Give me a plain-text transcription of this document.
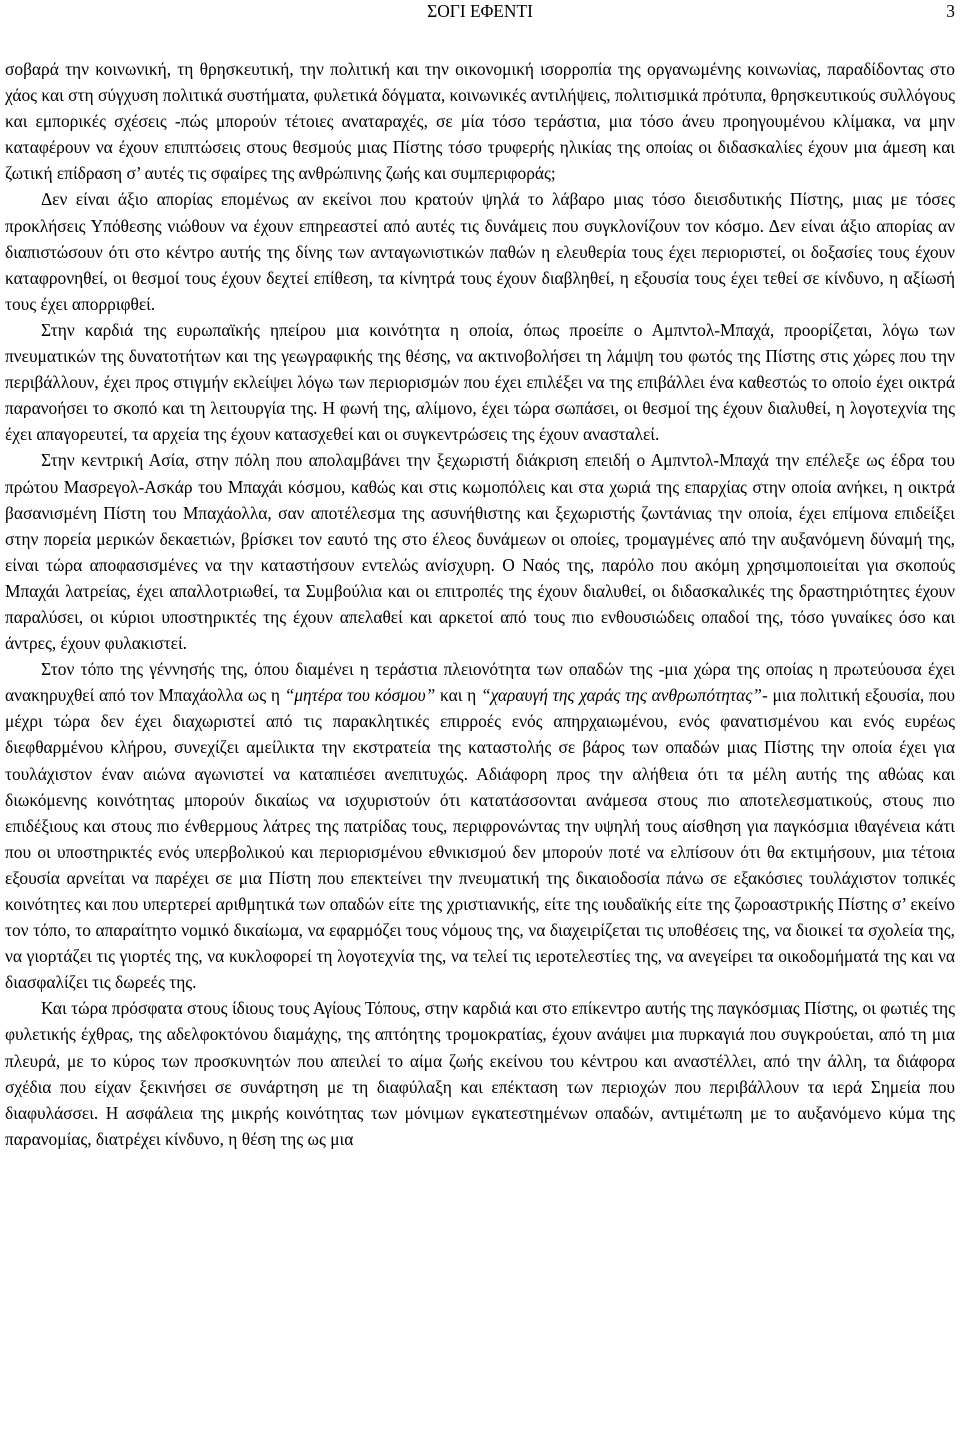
ΣΟΓΙ ΕΦΕΝΤΙ	3

σοβαρά την κοινωνική, τη θρησκευτική, την πολιτική και την οικονομική ισορροπία της οργανωμένης κοινωνίας, παραδίδοντας στο χάος και στη σύγχυση πολιτικά συστήματα, φυλετικά δόγματα, κοινωνικές αντιλήψεις, πολιτισμικά πρότυπα, θρησκευτικούς συλλόγους και εμπορικές σχέσεις -πώς μπορούν τέτοιες αναταραχές, σε μία τόσο τεράστια, μια τόσο άνευ προηγουμένου κλίμακα, να μην καταφέρουν να έχουν επιπτώσεις στους θεσμούς μιας Πίστης τόσο τρυφερής ηλικίας της οποίας οι διδασκαλίες έχουν μια άμεση και ζωτική επίδραση σ’ αυτές τις σφαίρες της ανθρώπινης ζωής και συμπεριφοράς;

Δεν είναι άξιο απορίας επομένως αν εκείνοι που κρατούν ψηλά το λάβαρο μιας τόσο διεισδυτικής Πίστης, μιας με τόσες προκλήσεις Υπόθεσης νιώθουν να έχουν επηρεαστεί από αυτές τις δυνάμεις που συγκλονίζουν τον κόσμο. Δεν είναι άξιο απορίας αν διαπιστώσουν ότι στο κέντρο αυτής της δίνης των ανταγωνιστικών παθών η ελευθερία τους έχει περιοριστεί, οι δοξασίες τους έχουν καταφρονηθεί, οι θεσμοί τους έχουν δεχτεί επίθεση, τα κίνητρά τους έχουν διαβληθεί, η εξουσία τους έχει τεθεί σε κίνδυνο, η αξίωσή τους έχει απορριφθεί.

Στην καρδιά της ευρωπαϊκής ηπείρου μια κοινότητα η οποία, όπως προείπε ο Αμπντολ-Μπαχά, προορίζεται, λόγω των πνευματικών της δυνατοτήτων και της γεωγραφικής της θέσης, να ακτινοβολήσει τη λάμψη του φωτός της Πίστης στις χώρες που την περιβάλλουν, έχει προς στιγμήν εκλείψει λόγω των περιορισμών που έχει επιλέξει να της επιβάλλει ένα καθεστώς το οποίο έχει οικτρά παρανοήσει το σκοπό και τη λειτουργία της. Η φωνή της, αλίμονο, έχει τώρα σωπάσει, οι θεσμοί της έχουν διαλυθεί, η λογοτεχνία της έχει απαγορευτεί, τα αρχεία της έχουν κατασχεθεί και οι συγκεντρώσεις της έχουν ανασταλεί.

Στην κεντρική Ασία, στην πόλη που απολαμβάνει την ξεχωριστή διάκριση επειδή ο Αμπντολ-Μπαχά την επέλεξε ως έδρα του πρώτου Μασρεγολ-Ασκάρ του Μπαχάι κόσμου, καθώς και στις κωμοπόλεις και στα χωριά της επαρχίας στην οποία ανήκει, η οικτρά βασανισμένη Πίστη του Μπαχάολλα, σαν αποτέλεσμα της ασυνήθιστης και ξεχωριστής ζωντάνιας την οποία, έχει επίμονα επιδείξει στην πορεία μερικών δεκαετιών, βρίσκει τον εαυτό της στο έλεος δυνάμεων οι οποίες, τρομαγμένες από την αυξανόμενη δύναμή της, είναι τώρα αποφασισμένες να την καταστήσουν εντελώς ανίσχυρη. Ο Ναός της, παρόλο που ακόμη χρησιμοποιείται για σκοπούς Μπαχάι λατρείας, έχει απαλλοτριωθεί, τα Συμβούλια και οι επιτροπές της έχουν διαλυθεί, οι διδασκαλικές της δραστηριότητες έχουν παραλύσει, οι κύριοι υποστηρικτές της έχουν απελαθεί και αρκετοί από τους πιο ενθουσιώδεις οπαδοί της, τόσο γυναίκες όσο και άντρες, έχουν φυλακιστεί.

Στον τόπο της γέννησής της, όπου διαμένει η τεράστια πλειονότητα των οπαδών της -μια χώρα της οποίας η πρωτεύουσα έχει ανακηρυχθεί από τον Μπαχάολλα ως η “μητέρα του κόσμου” και η “χαραυγή της χαράς της ανθρωπότητας”- μια πολιτική εξουσία, που μέχρι τώρα δεν έχει διαχωριστεί από τις παρακλητικές επιρροές ενός απηρχαιωμένου, ενός φανατισμένου και ενός ευρέως διεφθαρμένου κλήρου, συνεχίζει αμείλικτα την εκστρατεία της καταστολής σε βάρος των οπαδών μιας Πίστης την οποία έχει για τουλάχιστον έναν αιώνα αγωνιστεί να καταπιέσει ανεπιτυχώς. Αδιάφορη προς την αλήθεια ότι τα μέλη αυτής της αθώας και διωκόμενης κοινότητας μπορούν δικαίως να ισχυριστούν ότι κατατάσσονται ανάμεσα στους πιο αποτελεσματικούς, στους πιο επιδέξιους και στους πιο ένθερμους λάτρες της πατρίδας τους, περιφρονώντας την υψηλή τους αίσθηση για παγκόσμια ιθαγένεια κάτι που οι υποστηρικτές ενός υπερβολικού και περιορισμένου εθνικισμού δεν μπορούν ποτέ να ελπίσουν ότι θα εκτιμήσουν, μια τέτοια εξουσία αρνείται να παρέχει σε μια Πίστη που επεκτείνει την πνευματική της δικαιοδοσία πάνω σε εξακόσιες τουλάχιστον τοπικές κοινότητες και που υπερτερεί αριθμητικά των οπαδών είτε της χριστιανικής, είτε της ιουδαϊκής είτε της ζωροαστρικής Πίστης σ’ εκείνο τον τόπο, το απαραίτητο νομικό δικαίωμα, να εφαρμόζει τους νόμους της, να διαχειρίζεται τις υποθέσεις της, να διοικεί τα σχολεία της, να γιορτάζει τις γιορτές της, να κυκλοφορεί τη λογοτεχνία της, να τελεί τις ιεροτελεστίες της, να ανεγείρει τα οικοδομήματά της και να διασφαλίζει τις δωρεές της.

Και τώρα πρόσφατα στους ίδιους τους Αγίους Τόπους, στην καρδιά και στο επίκεντρο αυτής της παγκόσμιας Πίστης, οι φωτιές της φυλετικής έχθρας, της αδελφοκτόνου διαμάχης, της απτόητης τρομοκρατίας, έχουν ανάψει μια πυρκαγιά που συγκρούεται, από τη μια πλευρά, με το κύρος των προσκυνητών που απειλεί το αίμα ζωής εκείνου του κέντρου και αναστέλλει, από την άλλη, τα διάφορα σχέδια που είχαν ξεκινήσει σε συνάρτηση με τη διαφύλαξη και επέκταση των περιοχών που περιβάλλουν τα ιερά Σημεία που διαφυλάσσει. Η ασφάλεια της μικρής κοινότητας των μόνιμων εγκατεστημένων οπαδών, αντιμέτωπη με το αυξανόμενο κύμα της παρανομίας, διατρέχει κίνδυνο, η θέση της ως μια
